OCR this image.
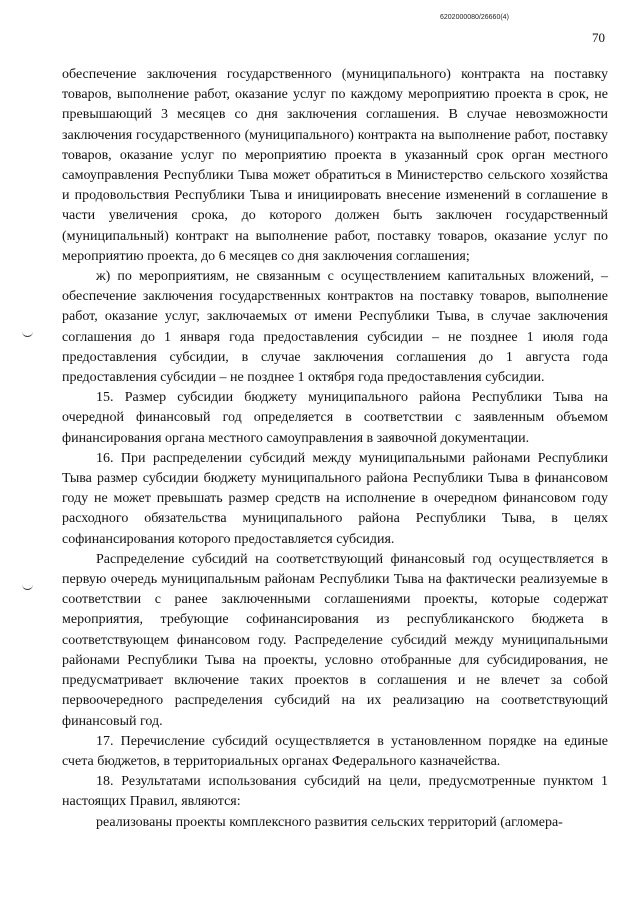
6202000080/26660(4)
70

обеспечение заключения государственного (муниципального) контракта на поставку товаров, выполнение работ, оказание услуг по каждому мероприятию проекта в срок, не превышающий 3 месяцев со дня заключения соглашения. В случае невозможности заключения государственного (муниципального) контракта на выполнение работ, поставку товаров, оказание услуг по мероприятию проекта в указанный срок орган местного самоуправления Республики Тыва может обратиться в Министерство сельского хозяйства и продовольствия Республики Тыва и инициировать внесение изменений в соглашение в части увеличения срока, до которого должен быть заключен государственный (муниципальный) контракт на выполнение работ, поставку товаров, оказание услуг по мероприятию проекта, до 6 месяцев со дня заключения соглашения;

ж) по мероприятиям, не связанным с осуществлением капитальных вложений, – обеспечение заключения государственных контрактов на поставку товаров, выполнение работ, оказание услуг, заключаемых от имени Республики Тыва, в случае заключения соглашения до 1 января года предоставления субсидии – не позднее 1 июля года предоставления субсидии, в случае заключения соглашения до 1 августа года предоставления субсидии – не позднее 1 октября года предоставления субсидии.

15. Размер субсидии бюджету муниципального района Республики Тыва на очередной финансовый год определяется в соответствии с заявленным объемом финансирования органа местного самоуправления в заявочной документации.

16. При распределении субсидий между муниципальными районами Республики Тыва размер субсидии бюджету муниципального района Республики Тыва в финансовом году не может превышать размер средств на исполнение в очередном финансовом году расходного обязательства муниципального района Республики Тыва, в целях софинансирования которого предоставляется субсидия.

Распределение субсидий на соответствующий финансовый год осуществляется в первую очередь муниципальным районам Республики Тыва на фактически реализуемые в соответствии с ранее заключенными соглашениями проекты, которые содержат мероприятия, требующие софинансирования из республиканского бюджета в соответствующем финансовом году. Распределение субсидий между муниципальными районами Республики Тыва на проекты, условно отобранные для субсидирования, не предусматривает включение таких проектов в соглашения и не влечет за собой первоочередного распределения субсидий на их реализацию на соответствующий финансовый год.

17. Перечисление субсидий осуществляется в установленном порядке на единые счета бюджетов, в территориальных органах Федерального казначейства.

18. Результатами использования субсидий на цели, предусмотренные пунктом 1 настоящих Правил, являются:

реализованы проекты комплексного развития сельских территорий (агломера-
